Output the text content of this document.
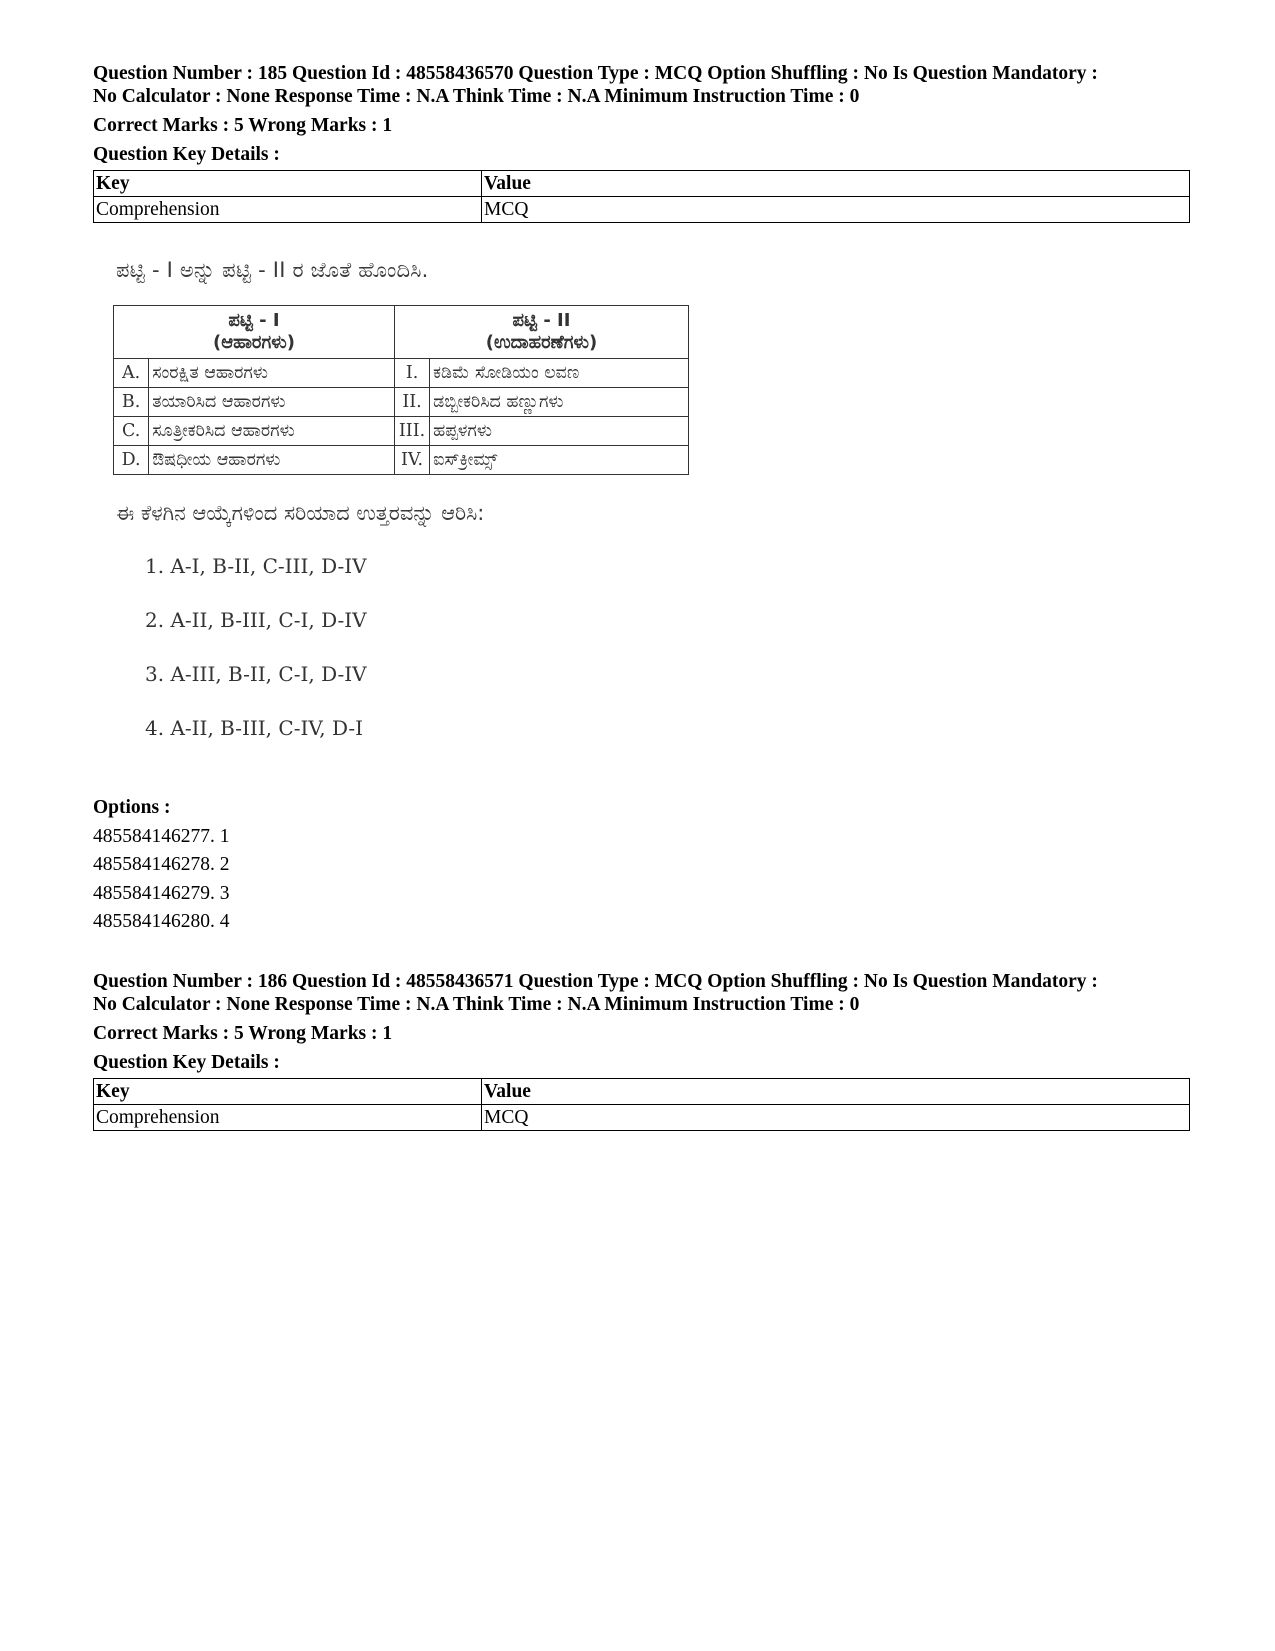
Question Number : 185 Question Id : 48558436570 Question Type : MCQ Option Shuffling : No Is Question Mandatory :

No Calculator : None Response Time : N.A Think Time : N.A Minimum Instruction Time : 0

Correct Marks : 5 Wrong Marks : 1
Question Key Details :
Key	Value
Comprehension	MCQ

ಪಟ್ಟಿ - I ಅನ್ನು ಪಟ್ಟಿ - II ರ ಜೊತೆ ಹೊಂದಿಸಿ.

ಪಟ್ಟಿ - I
(ಆಹಾರಗಳು)		ಪಟ್ಟಿ - II
(ಉದಾಹರಣೆಗಳು)	
A.	ಸಂರಕ್ಷಿತ ಆಹಾರಗಳು	I.	ಕಡಿಮೆ ಸೋಡಿಯಂ ಲವಣ
B.	ತಯಾರಿಸಿದ ಆಹಾರಗಳು	II.	ಡಬ್ಬೀಕರಿಸಿದ ಹಣ್ಣುಗಳು
C.	ಸೂತ್ರೀಕರಿಸಿದ ಆಹಾರಗಳು	III.	ಹಪ್ಪಳಗಳು
D.	ಔಷಧೀಯ ಆಹಾರಗಳು	IV.	ಐಸ್‌ಕ್ರೀಮ್ಸ್

ಈ ಕೆಳಗಿನ ಆಯ್ಕೆಗಳಿಂದ ಸರಿಯಾದ ಉತ್ತರವನ್ನು ಆರಿಸಿ:

1. A-I, B-II, C-III, D-IV
2. A-II, B-III, C-I, D-IV
3. A-III, B-II, C-I, D-IV
4. A-II, B-III, C-IV, D-I
Options :
485584146277. 1
485584146278. 2
485584146279. 3
485584146280. 4

Question Number : 186 Question Id : 48558436571 Question Type : MCQ Option Shuffling : No Is Question Mandatory :

No Calculator : None Response Time : N.A Think Time : N.A Minimum Instruction Time : 0

Correct Marks : 5 Wrong Marks : 1
Question Key Details :
Key	Value
Comprehension	MCQ
